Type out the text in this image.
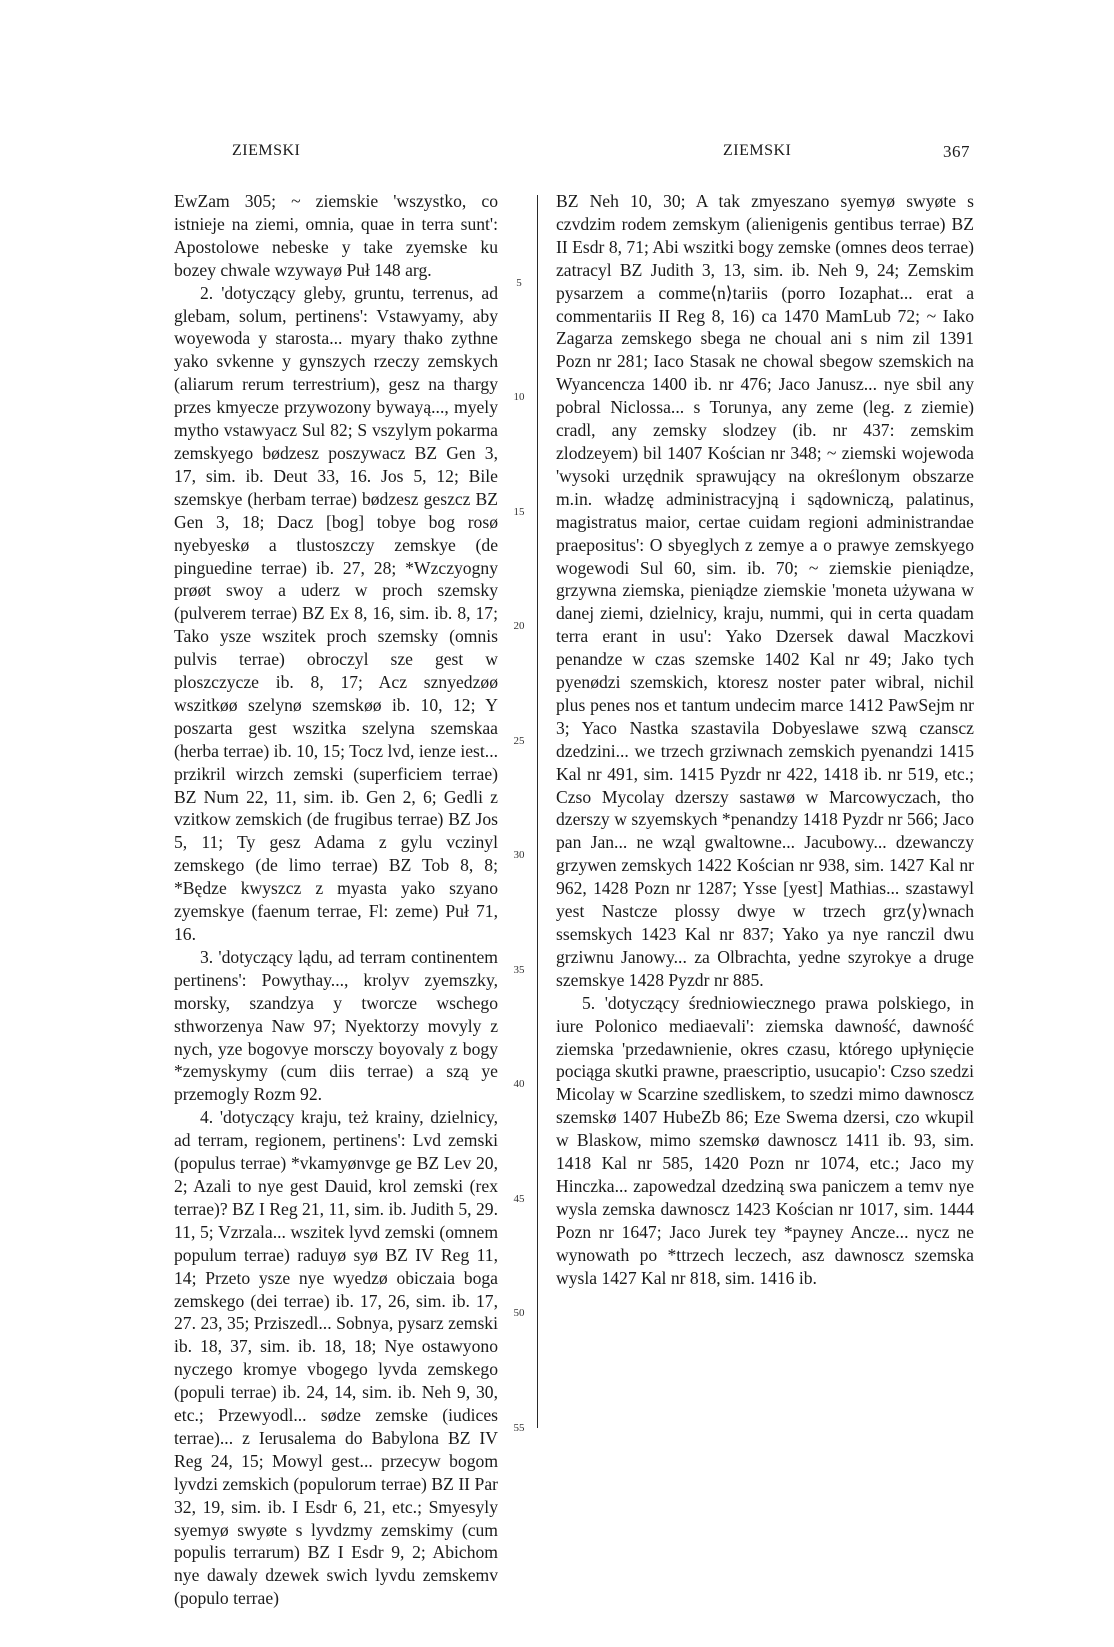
ZIEMSKI	ZIEMSKI	367

EwZam 305; ~ ziemskie 'wszystko, co istnieje na ziemi, omnia, quae in terra sunt': Apostolowe nebeske y take zyemske ku bozey chwale wzywayø Puł 148 arg.

2. 'dotyczący gleby, gruntu, terrenus, ad glebam, solum, pertinens': Vstawyamy, aby woyewoda y starosta... myary thako zythne yako svkenne y gynszych rzeczy zemskych (aliarum rerum terrestrium), gesz na thargy przes kmyecze przywozony bywayą..., myely mytho vstawyacz Sul 82; S vszylym pokarma zemskyego bødzesz poszywacz BZ Gen 3, 17, sim. ib. Deut 33, 16. Jos 5, 12; Bile szemskye (herbam terrae) bødzesz geszcz BZ Gen 3, 18; Dacz [bog] tobye bog rosø nyebyeskø a tlustoszczy zemskye (de pinguedine terrae) ib. 27, 28; *Wzczyogny prøøt swoy a uderz w proch szemsky (pulverem terrae) BZ Ex 8, 16, sim. ib. 8, 17; Tako ysze wszitek proch szemsky (omnis pulvis terrae) obroczyl sze gest w ploszczycze ib. 8, 17; Acz sznyedzøø wszitkøø szelynø szemskøø ib. 10, 12; Y poszarta gest wszitka szelyna szemskaa (herba terrae) ib. 10, 15; Tocz lvd, ienze iest... przikril wirzch zemski (superficiem terrae) BZ Num 22, 11, sim. ib. Gen 2, 6; Gedli z vzitkow zemskich (de frugibus terrae) BZ Jos 5, 11; Ty gesz Adama z gylu vczinyl zemskego (de limo terrae) BZ Tob 8, 8; *Będze kwyszcz z myasta yako szyano zyemskye (faenum terrae, Fl: zeme) Puł 71, 16.

3. 'dotyczący lądu, ad terram continentem pertinens': Powythay..., krolyv zyemszky, morsky, szandzya y tworcze wschego sthworzenya Naw 97; Nyektorzy movyly z nych, yze bogovye morsczy boyovaly z bogy *zemyskymy (cum diis terrae) a szą ye przemogly Rozm 92.

4. 'dotyczący kraju, też krainy, dzielnicy, ad terram, regionem, pertinens': Lvd zemski (populus terrae) *vkamyønvge ge BZ Lev 20, 2; Azali to nye gest Dauid, krol zemski (rex terrae)? BZ I Reg 21, 11, sim. ib. Judith 5, 29. 11, 5; Vzrzala... wszitek lyvd zemski (omnem populum terrae) raduyø syø BZ IV Reg 11, 14; Przeto ysze nye wyedzø obiczaia boga zemskego (dei terrae) ib. 17, 26, sim. ib. 17, 27. 23, 35; Prziszedl... Sobnya, pysarz zemski ib. 18, 37, sim. ib. 18, 18; Nye ostawyono nyczego kromye vbogego lyvda zemskego (populi terrae) ib. 24, 14, sim. ib. Neh 9, 30, etc.; Przewyodl... sødze zemske (iudices terrae)... z Ierusalema do Babylona BZ IV Reg 24, 15; Mowyl gest... przecyw bogom lyvdzi zemskich (populorum terrae) BZ II Par 32, 19, sim. ib. I Esdr 6, 21, etc.; Smyesyly syemyø swyøte s lyvdzmy zemskimy (cum populis terrarum) BZ I Esdr 9, 2; Abichom nye dawaly dzewek swich lyvdu zemskemv (populo terrae)

5
10
15
20
25
30
35
40
45
50
55

BZ Neh 10, 30; A tak zmyeszano syemyø swyøte s czvdzim rodem zemskym (alienigenis gentibus terrae) BZ II Esdr 8, 71; Abi wszitki bogy zemske (omnes deos terrae) zatracyl BZ Judith 3, 13, sim. ib. Neh 9, 24; Zemskim pysarzem a comme⟨n⟩tariis (porro Iozaphat... erat a commentariis II Reg 8, 16) ca 1470 MamLub 72; ~ Iako Zagarza zemskego sbega ne choual ani s nim zil 1391 Pozn nr 281; Iaco Stasak ne chowal sbegow szemskich na Wyancencza 1400 ib. nr 476; Jaco Janusz... nye sbil any pobral Niclossa... s Torunya, any zeme (leg. z ziemie) cradl, any zemsky slodzey (ib. nr 437: zemskim zlodzeyem) bil 1407 Kościan nr 348; ~ ziemski wojewoda 'wysoki urzędnik sprawujący na określonym obszarze m.in. władzę administracyjną i sądowniczą, palatinus, magistratus maior, certae cuidam regioni administrandae praepositus': O sbyeglych z zemye a o prawye zemskyego wogewodi Sul 60, sim. ib. 70; ~ ziemskie pieniądze, grzywna ziemska, pieniądze ziemskie 'moneta używana w danej ziemi, dzielnicy, kraju, nummi, qui in certa quadam terra erant in usu': Yako Dzersek dawal Maczkovi penandze w czas szemske 1402 Kal nr 49; Jako tych pyenødzi szemskich, ktoresz noster pater wibral, nichil plus penes nos et tantum undecim marce 1412 PawSejm nr 3; Yaco Nastka szastavila Dobyeslawe szwą czanscz dzedzini... we trzech grziwnach zemskich pyenandzi 1415 Kal nr 491, sim. 1415 Pyzdr nr 422, 1418 ib. nr 519, etc.; Czso Mycolay dzerszy sastawø w Marcowyczach, tho dzerszy w szyemskych *penandzy 1418 Pyzdr nr 566; Jaco pan Jan... ne wząl gwaltowne... Jacubowy... dzewanczy grzywen zemskych 1422 Kościan nr 938, sim. 1427 Kal nr 962, 1428 Pozn nr 1287; Ysse [yest] Mathias... szastawyl yest Nastcze plossy dwye w trzech grz⟨y⟩wnach ssemskych 1423 Kal nr 837; Yako ya nye ranczil dwu grziwnu Janowy... za Olbrachta, yedne szyrokye a druge szemskye 1428 Pyzdr nr 885.

5. 'dotyczący średniowiecznego prawa polskiego, in iure Polonico mediaevali': ziemska dawność, dawność ziemska 'przedawnienie, okres czasu, którego upłynięcie pociąga skutki prawne, praescriptio, usucapio': Czso szedzi Micolay w Scarzine szedliskem, to szedzi mimo dawnoscz szemskø 1407 HubeZb 86; Eze Swema dzersi, czo wkupil w Blaskow, mimo szemskø dawnoscz 1411 ib. 93, sim. 1418 Kal nr 585, 1420 Pozn nr 1074, etc.; Jaco my Hinczka... zapowedzal dzedziną swa paniczem a temv nye wysla zemska dawnoscz 1423 Kościan nr 1017, sim. 1444 Pozn nr 1647; Jaco Jurek tey *payney Ancze... nycz ne wynowath po *ttrzech leczech, asz dawnoscz szemska wysla 1427 Kal nr 818, sim. 1416 ib.
